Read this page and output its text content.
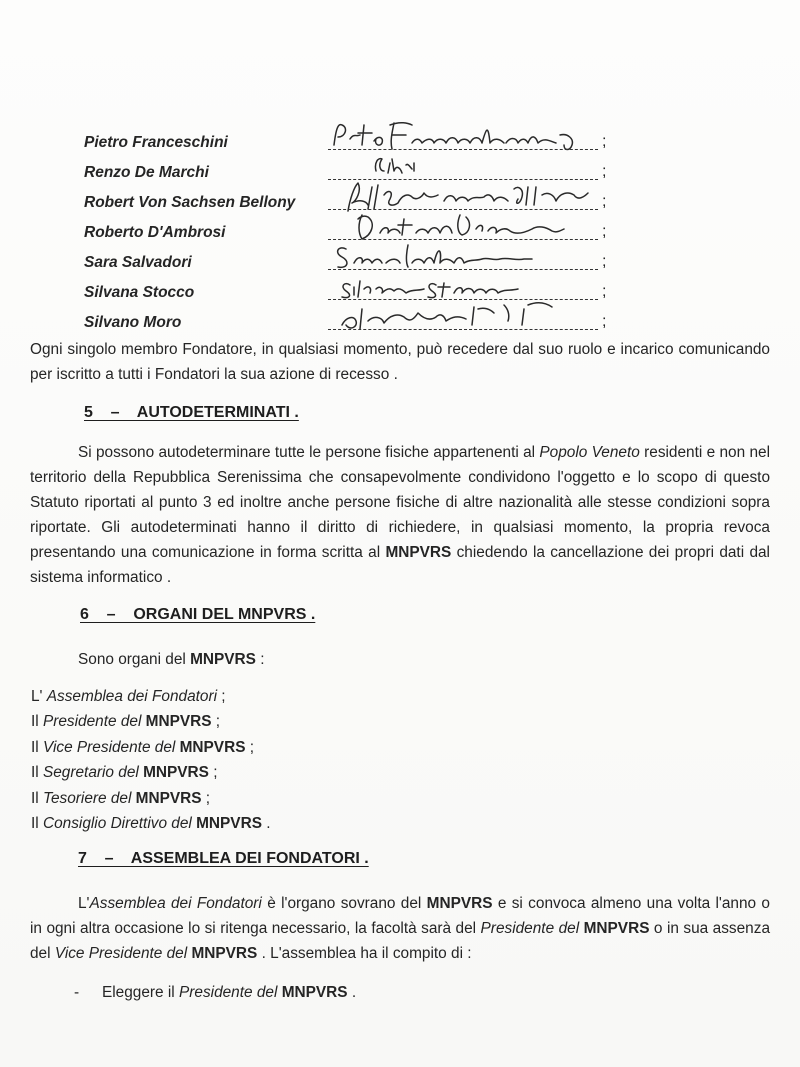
Pietro Franceschini	;
Renzo De Marchi	;
Robert Von Sachsen Bellony	;
Roberto D'Ambrosi	;
Sara Salvadori	;
Silvana Stocco	;
Silvano Moro	;
Ogni singolo membro Fondatore, in qualsiasi momento, può recedere dal suo ruolo e incarico comunicando per iscritto a tutti i Fondatori la sua azione di recesso .
5    –    AUTODETERMINATI .
Si possono autodeterminare tutte le persone fisiche appartenenti al Popolo Veneto residenti e non nel territorio della Repubblica Serenissima che consapevolmente condividono l'oggetto e lo scopo di questo Statuto riportati al punto 3 ed inoltre anche persone fisiche di altre nazionalità alle stesse condizioni sopra riportate. Gli autodeterminati hanno il diritto di richiedere, in qualsiasi momento, la propria revoca presentando una comunicazione in forma scritta al MNPVRS chiedendo la cancellazione dei propri dati dal sistema informatico .
6    –    ORGANI DEL MNPVRS .
Sono organi del MNPVRS :
L' Assemblea dei Fondatori ;
Il Presidente del MNPVRS ;
Il Vice Presidente del MNPVRS ;
Il Segretario del MNPVRS ;
Il Tesoriere del MNPVRS ;
Il Consiglio Direttivo del MNPVRS .
7    –    ASSEMBLEA DEI FONDATORI .
L'Assemblea dei Fondatori è l'organo sovrano del MNPVRS e si convoca almeno una volta l'anno o in ogni altra occasione lo si ritenga necessario, la facoltà sarà del Presidente del MNPVRS o in sua assenza del Vice Presidente del MNPVRS . L'assemblea ha il compito di :
- Eleggere il Presidente del MNPVRS .
